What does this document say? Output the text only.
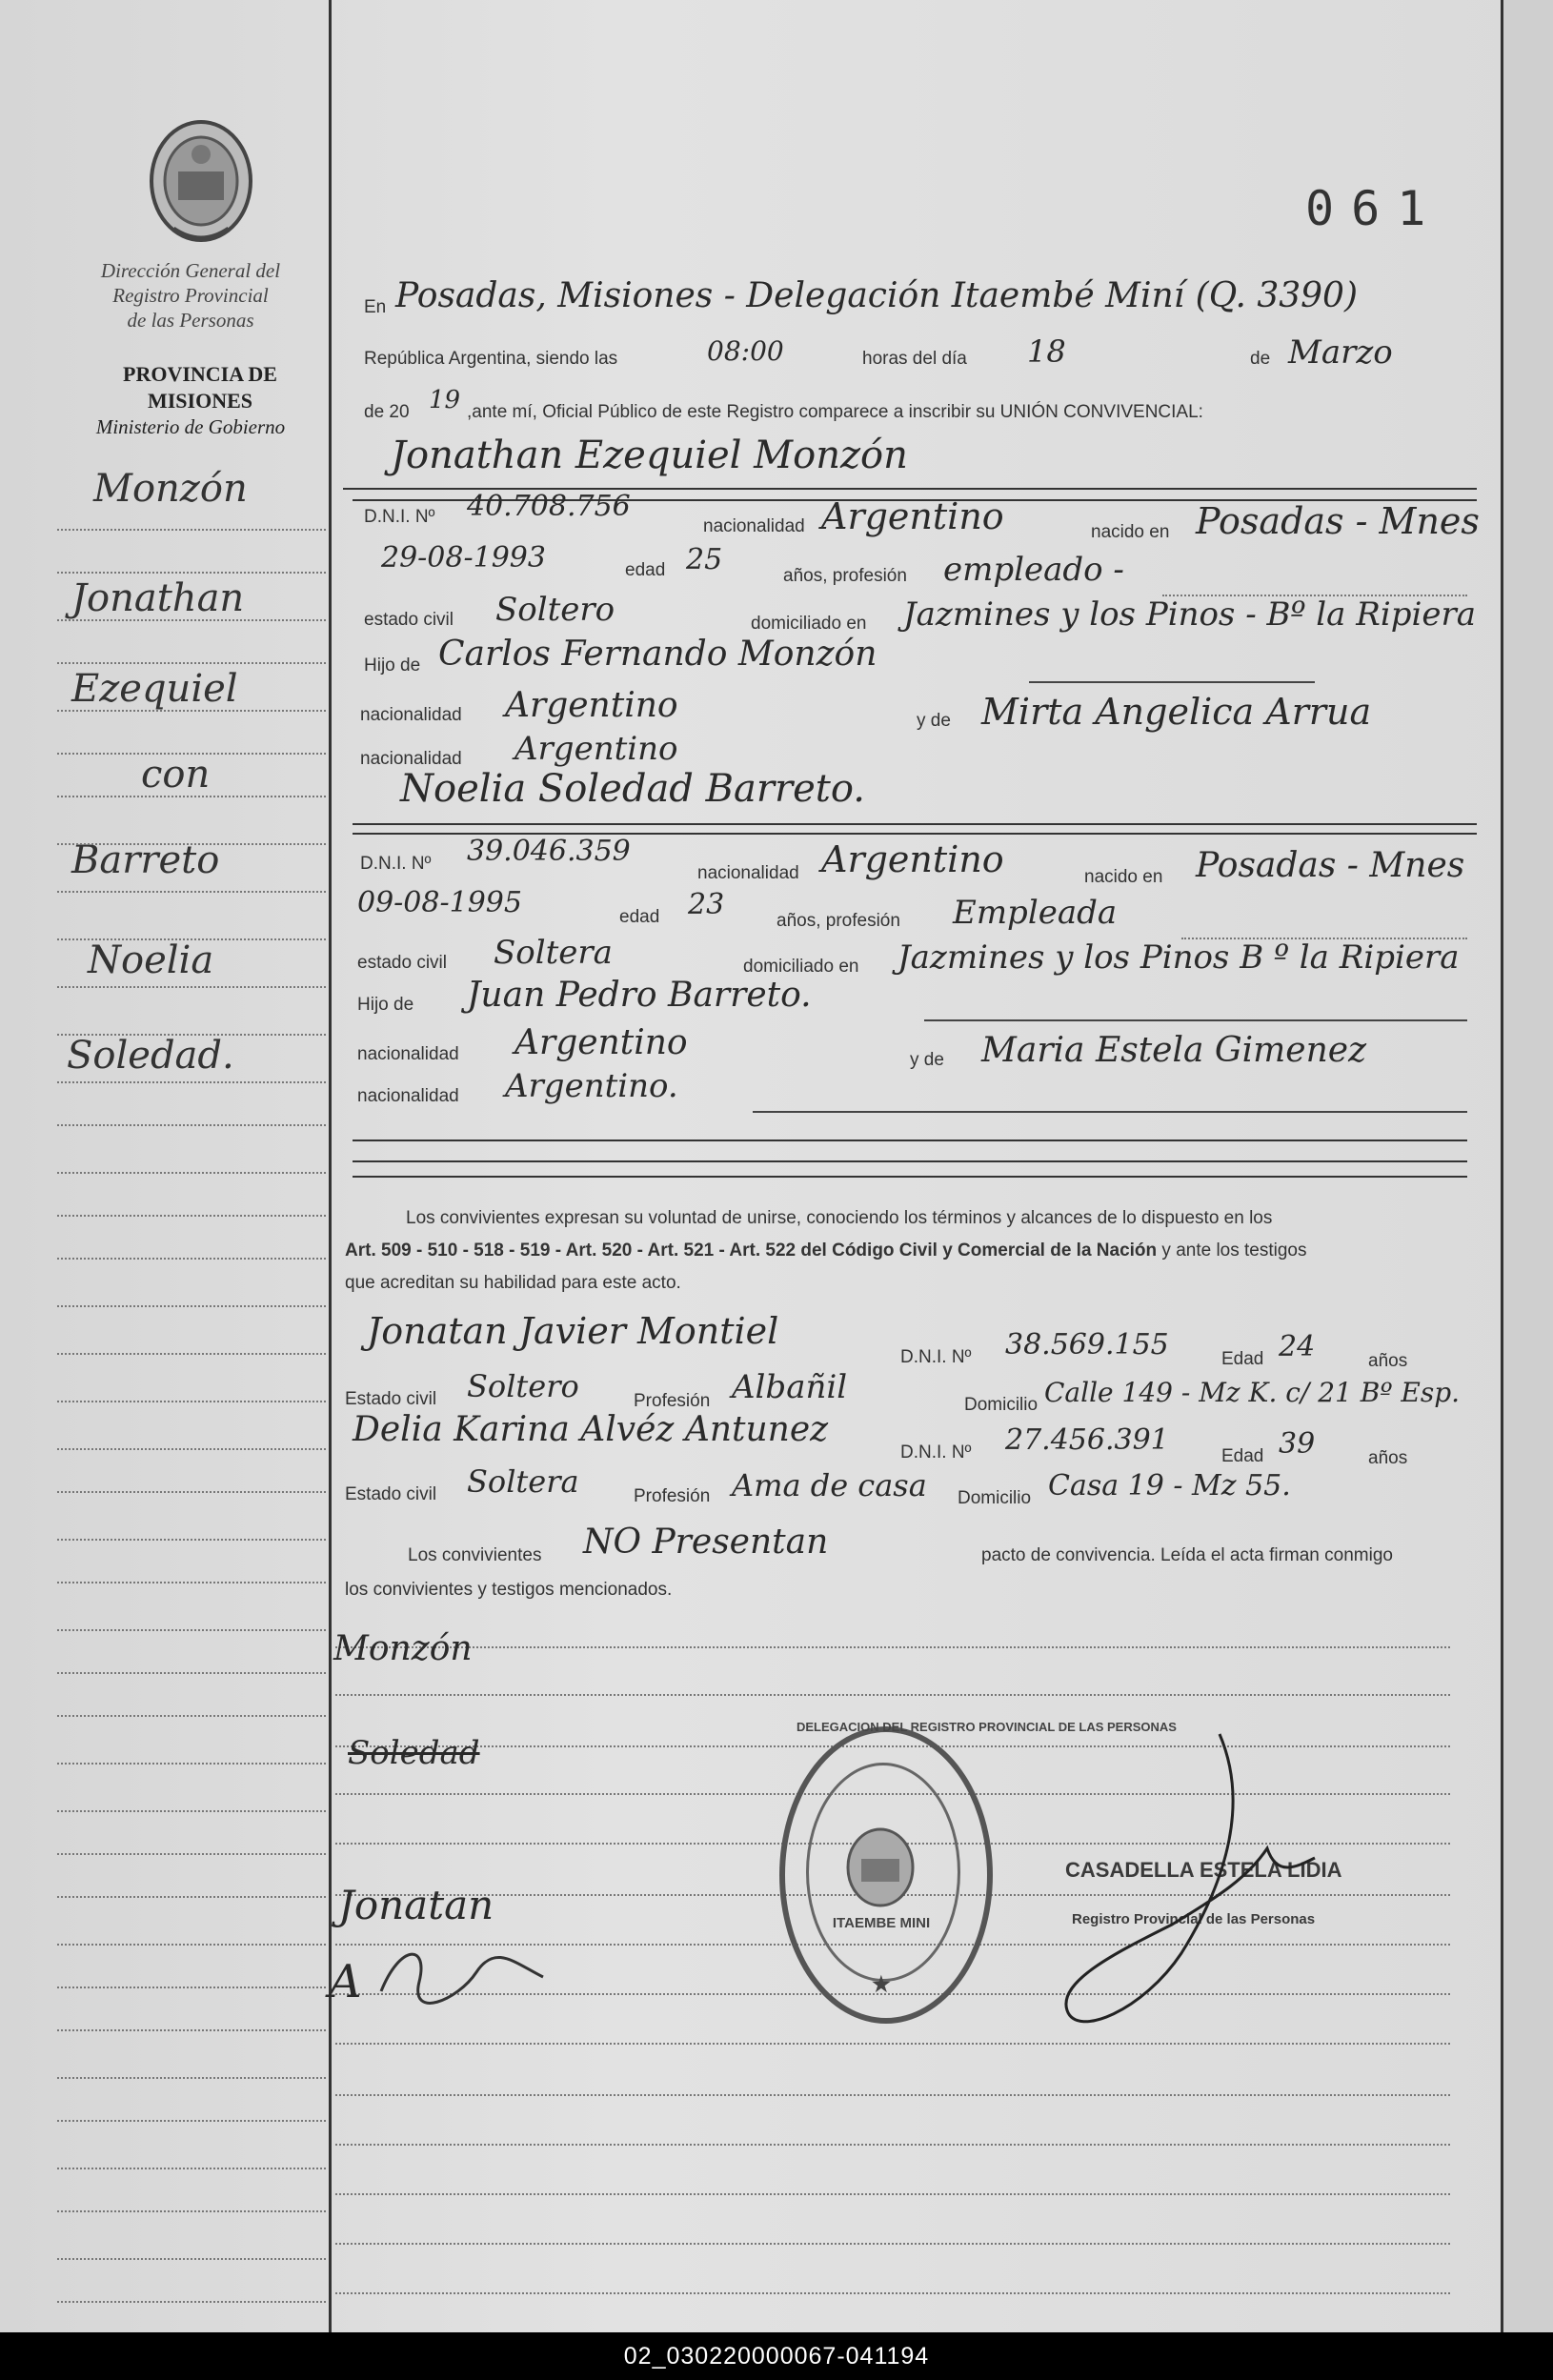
Dirección General del
Registro Provincial
de las Personas
PROVINCIA DE
MISIONES
Ministerio de Gobierno
Monzón
Jonathan
Ezequiel
con
Barreto
Noelia
Soledad.
061
En Posadas, Misiones - Delegación Itaembé Miní (Q. 3390)
República Argentina, siendo las	08:00	horas del día 18	de Marzo
de 20 19 ,ante mí, Oficial Público de este Registro comparece a inscribir su UNIÓN CONVIVENCIAL:
Jonathan Ezequiel Monzón
D.N.I. Nº 40.708.756
nacionalidad Argentino	nacido en Posadas - Mnes
29-08-1993	edad 25	años, profesión empleado -
estado civil Soltero	domiciliado en Jazmines y los Pinos - Bº la Ripiera
Hijo de Carlos Fernando Monzón
nacionalidad Argentino	y de Mirta Angelica Arrua
nacionalidad Argentino
Noelia Soledad Barreto.
D.N.I. Nº 39.046.359
nacionalidad Argentino	nacido en Posadas - Mnes
09-08-1995	edad 23	años, profesión Empleada
estado civil Soltera	domiciliado en Jazmines y los Pinos B º la Ripiera
Hijo de Juan Pedro Barreto.
nacionalidad Argentino	y de Maria Estela Gimenez
nacionalidad Argentino.
Los convivientes expresan su voluntad de unirse, conociendo los términos y alcances de lo dispuesto en los
Art. 509 - 510 - 518 - 519 - Art. 520 - Art. 521 - Art. 522 del Código Civil y Comercial de la Nación y ante los testigos
que acreditan su habilidad para este acto.
Jonatan Javier Montiel
D.N.I. Nº 38.569.155	Edad 24	años
Estado civil Soltero	Profesión Albañil	Domicilio Calle 149 - Mz K. c/ 21 Bº Esp.
Delia Karina Alvéz Antunez
D.N.I. Nº 27.456.391	Edad 39	años
Estado civil Soltera	Profesión Ama de casa Domicilio Casa 19 - Mz 55.
Los convivientes NO Presentan	pacto de convivencia. Leída el acta firman conmigo
los convivientes y testigos mencionados.
Monzón
Soledad
Jonatan
A
DELEGACION DEL REGISTRO PROVINCIAL DE LAS PERSONAS
ITAEMBE MINI
★
CASADELLA ESTELA LIDIA
Registro Provincial de las Personas
02_030220000067-041194
